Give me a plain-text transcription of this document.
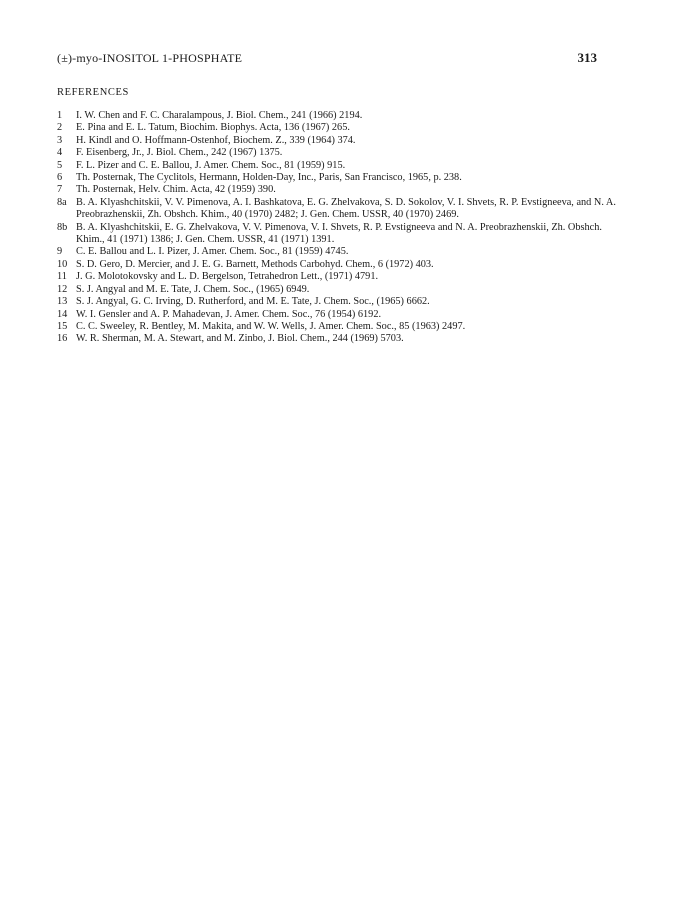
(±)-myo-INOSITOL 1-PHOSPHATE	313
REFERENCES
1	I. W. Chen and F. C. Charalampous, J. Biol. Chem., 241 (1966) 2194.
2	E. Pina and E. L. Tatum, Biochim. Biophys. Acta, 136 (1967) 265.
3	H. Kindl and O. Hoffmann-Ostenhof, Biochem. Z., 339 (1964) 374.
4	F. Eisenberg, Jr., J. Biol. Chem., 242 (1967) 1375.
5	F. L. Pizer and C. E. Ballou, J. Amer. Chem. Soc., 81 (1959) 915.
6	Th. Posternak, The Cyclitols, Hermann, Holden-Day, Inc., Paris, San Francisco, 1965, p. 238.
7	Th. Posternak, Helv. Chim. Acta, 42 (1959) 390.
8a B. A. Klyashchitskii, V. V. Pimenova, A. I. Bashkatova, E. G. Zhelvakova, S. D. Sokolov, V. I. Shvets, R. P. Evstigneeva, and N. A. Preobrazhenskii, Zh. Obshch. Khim., 40 (1970) 2482; J. Gen. Chem. USSR, 40 (1970) 2469.
8b B. A. Klyashchitskii, E. G. Zhelvakova, V. V. Pimenova, V. I. Shvets, R. P. Evstigneeva and N. A. Preobrazhenskii, Zh. Obshch. Khim., 41 (1971) 1386; J. Gen. Chem. USSR, 41 (1971) 1391.
9	C. E. Ballou and L. I. Pizer, J. Amer. Chem. Soc., 81 (1959) 4745.
10 S. D. Gero, D. Mercier, and J. E. G. Barnett, Methods Carbohyd. Chem., 6 (1972) 403.
11 J. G. Molotokovsky and L. D. Bergelson, Tetrahedron Lett., (1971) 4791.
12 S. J. Angyal and M. E. Tate, J. Chem. Soc., (1965) 6949.
13 S. J. Angyal, G. C. Irving, D. Rutherford, and M. E. Tate, J. Chem. Soc., (1965) 6662.
14 W. I. Gensler and A. P. Mahadevan, J. Amer. Chem. Soc., 76 (1954) 6192.
15 C. C. Sweeley, R. Bentley, M. Makita, and W. W. Wells, J. Amer. Chem. Soc., 85 (1963) 2497.
16 W. R. Sherman, M. A. Stewart, and M. Zinbo, J. Biol. Chem., 244 (1969) 5703.
